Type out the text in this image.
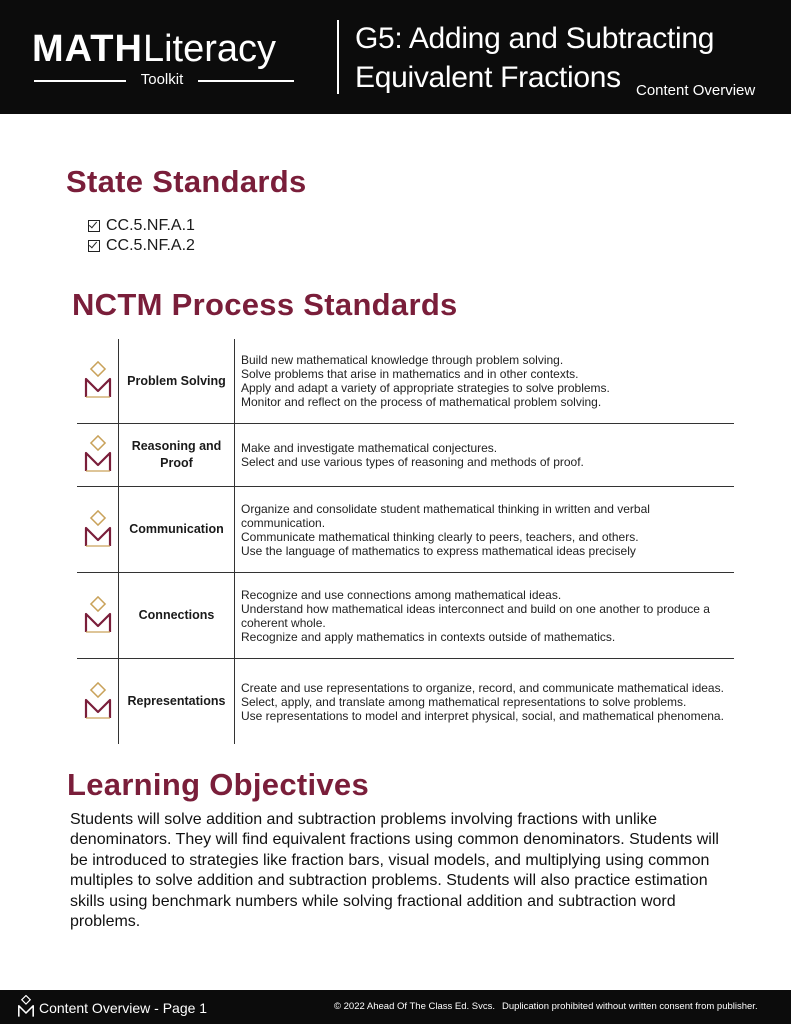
MATHLiteracy
Toolkit
G5: Adding and Subtracting
Equivalent Fractions Content Overview
State Standards
CC.5.NF.A.1
CC.5.NF.A.2
NCTM Process Standards
Problem Solving
Build new mathematical knowledge through problem solving.
Solve problems that arise in mathematics and in other contexts.
Apply and adapt a variety of appropriate strategies to solve problems.
Monitor and reflect on the process of mathematical problem solving.
Reasoning and Proof
Make and investigate mathematical conjectures.
Select and use various types of reasoning and methods of proof.
Communication
Organize and consolidate student mathematical thinking in written and verbal communication.
Communicate mathematical thinking clearly to peers, teachers, and others.
Use the language of mathematics to express mathematical ideas precisely
Connections
Recognize and use connections among mathematical ideas.
Understand how mathematical ideas interconnect and build on one another to produce a coherent whole.
Recognize and apply mathematics in contexts outside of mathematics.
Representations
Create and use representations to organize, record, and communicate mathematical ideas.
Select, apply, and translate among mathematical representations to solve problems.
Use representations to model and interpret physical, social, and mathematical phenomena.
Learning Objectives
Students will solve addition and subtraction problems involving fractions with unlike denominators. They will find equivalent fractions using common denominators. Students will be introduced to strategies like fraction bars, visual models, and multiplying using common multiples to solve addition and subtraction problems. Students will also practice estimation skills using benchmark numbers while solving fractional addition and subtraction word problems.
Content Overview - Page 1	© 2022 Ahead Of The Class Ed. Svcs. Duplication prohibited without written consent from publisher.
